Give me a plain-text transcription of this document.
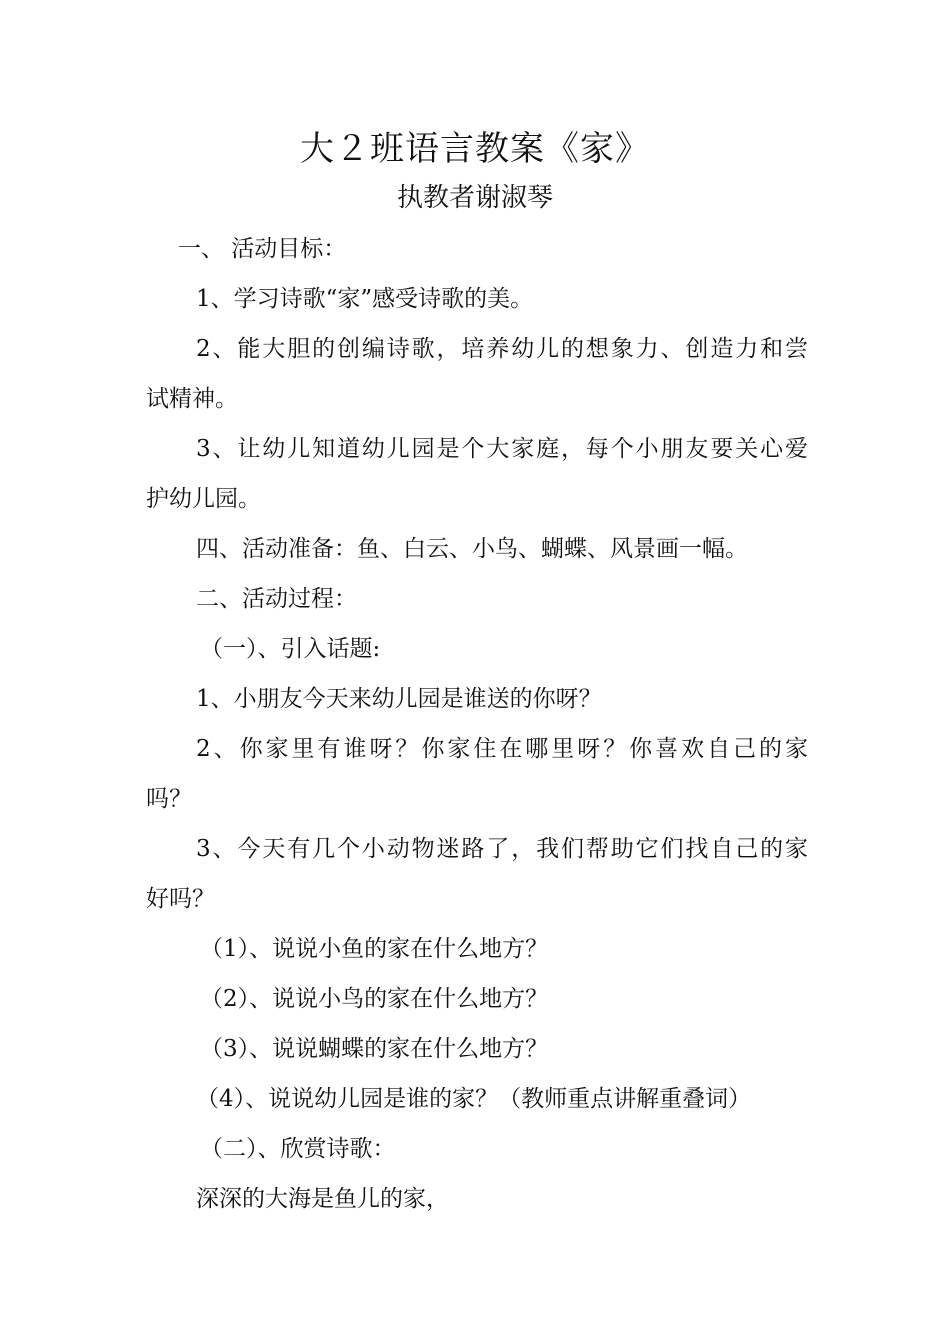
大２班语言教案《家》
执教者谢淑琴
一、 活动目标：
1、学习诗歌“家”感受诗歌的美。
2、能大胆的创编诗歌，培养幼儿的想象力、创造力和尝
试精神。
3、让幼儿知道幼儿园是个大家庭，每个小朋友要关心爱
护幼儿园。
四、活动准备：鱼、白云、小鸟、蝴蝶、风景画一幅。
二、活动过程：
（一）、引入话题:
1、小朋友今天来幼儿园是谁送的你呀？
2、你家里有谁呀？你家住在哪里呀？你喜欢自己的家
吗？
3、今天有几个小动物迷路了，我们帮助它们找自己的家
好吗？
（1）、说说小鱼的家在什么地方？
（2）、说说小鸟的家在什么地方？
（3）、说说蝴蝶的家在什么地方？
（4）、说说幼儿园是谁的家？（教师重点讲解重叠词）
（二）、欣赏诗歌：
深深的大海是鱼儿的家，
